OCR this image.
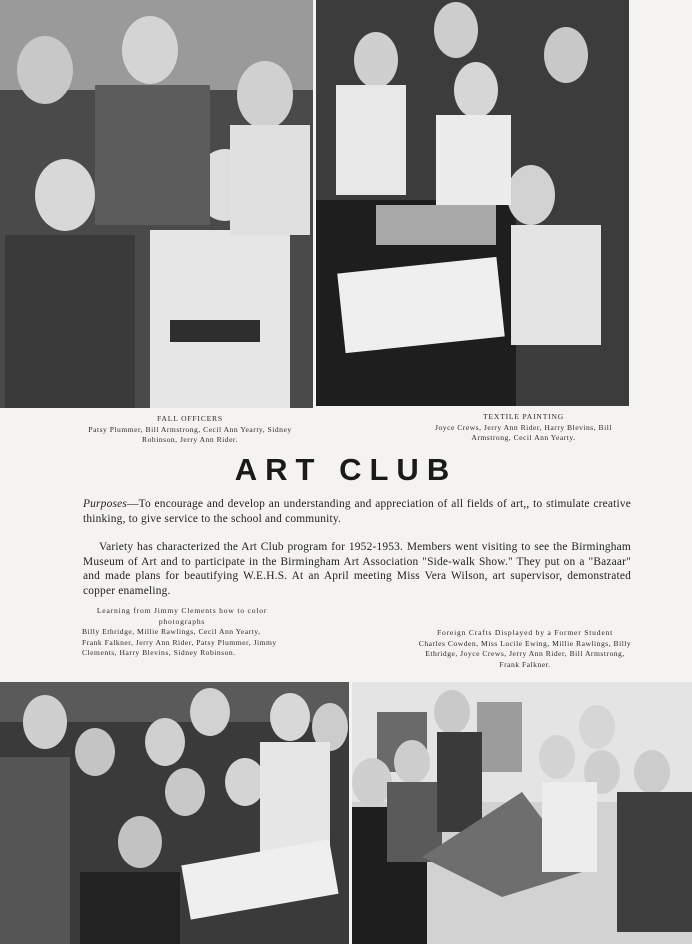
FALL OFFICERS
Patsy Plummer, Bill Armstrong, Cecil Ann Yearty, Sidney Robinson, Jerry Ann Rider.
TEXTILE PAINTING
Joyce Crews, Jerry Ann Rider, Harry Blevins, Bill Armstrong, Cecil Ann Yearty.
ART CLUB
Purposes—To encourage and develop an understanding and appreciation of all fields of art,, to stimulate creative thinking, to give service to the school and community.
Variety has characterized the Art Club program for 1952-1953. Members went visiting to see the Birmingham Museum of Art and to participate in the Birmingham Art Association "Side-walk Show." They put on a "Bazaar" and made plans for beautifying W.E.H.S. At an April meeting Miss Vera Wilson, art supervisor, demonstrated copper enameling.
Learning from Jimmy Clements how to color photographs
Billy Ethridge, Millie Rawlings, Cecil Ann Yearty, Frank Falkner, Jerry Ann Rider, Patsy Plummer, Jimmy Clements, Harry Blevins, Sidney Robinson.
Foreign Crafts Displayed by a Former Student
Charles Cowden, Miss Lucile Ewing, Millie Rawlings, Billy Ethridge, Joyce Crews, Jerry Ann Rider, Bill Armstrong, Frank Falkner.
